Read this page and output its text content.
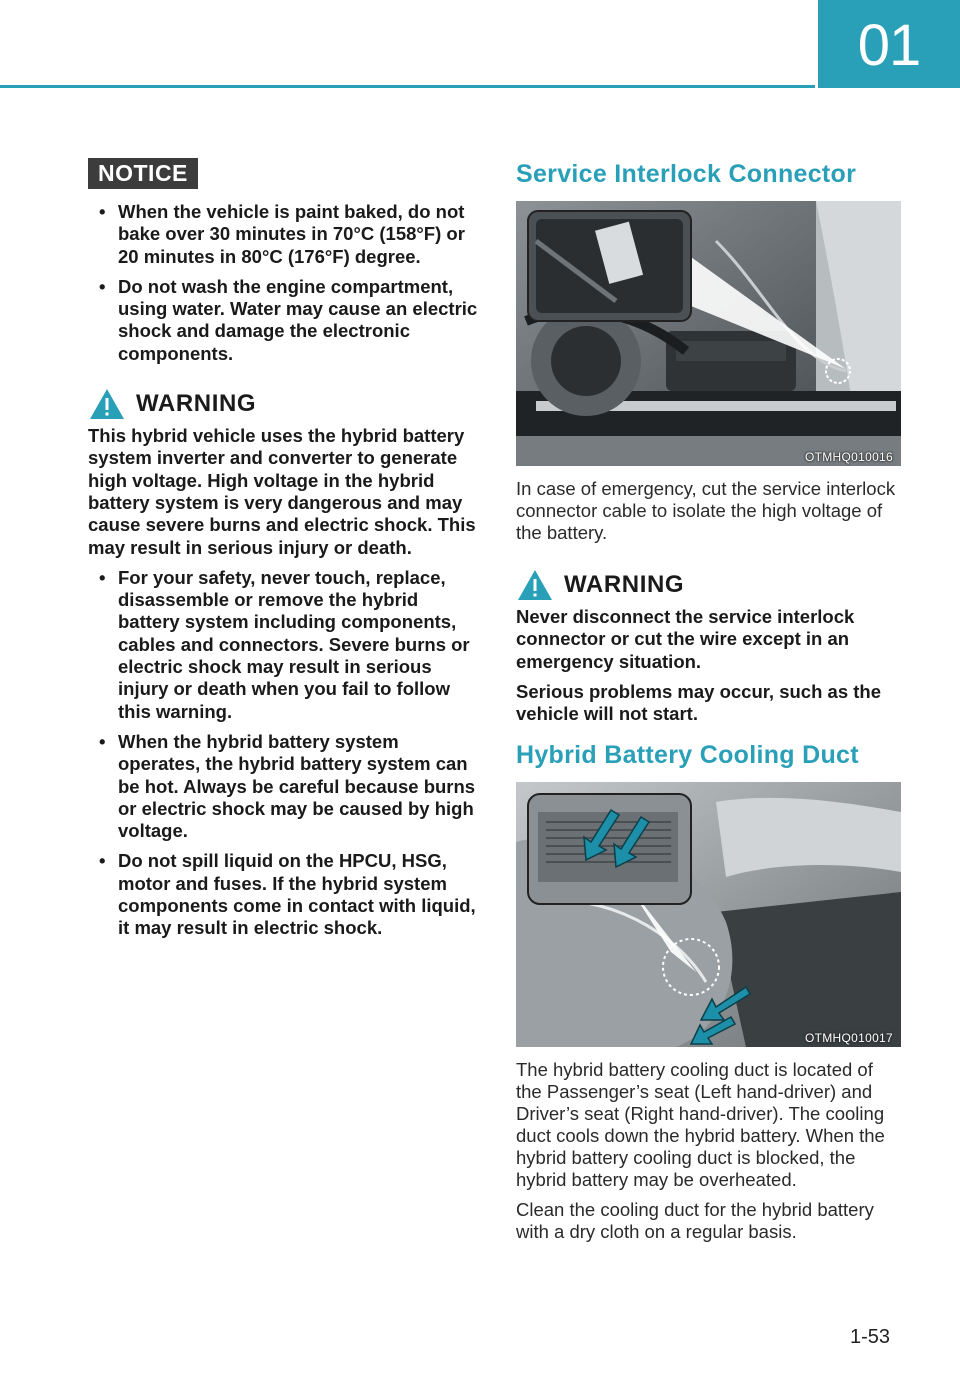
01
NOTICE
• When the vehicle is paint baked, do not bake over 30 minutes in 70°C (158°F) or 20 minutes in 80°C (176°F) degree.
• Do not wash the engine compartment, using water. Water may cause an electric shock and damage the electronic components.
WARNING

This hybrid vehicle uses the hybrid battery system inverter and converter to generate high voltage. High voltage in the hybrid battery system is very dangerous and may cause severe burns and electric shock. This may result in serious injury or death.

• For your safety, never touch, replace, disassemble or remove the hybrid battery system including components, cables and connectors. Severe burns or electric shock may result in serious injury or death when you fail to follow this warning.
• When the hybrid battery system operates, the hybrid battery system can be hot. Always be careful because burns or electric shock may be caused by high voltage.
• Do not spill liquid on the HPCU, HSG, motor and fuses. If the hybrid system components come in contact with liquid, it may result in electric shock.
Service Interlock Connector
OTMHQ010016

In case of emergency, cut the service interlock connector cable to isolate the high voltage of the battery.

WARNING

Never disconnect the service interlock connector or cut the wire except in an emergency situation.

Serious problems may occur, such as the vehicle will not start.

Hybrid Battery Cooling Duct
OTMHQ010017

The hybrid battery cooling duct is located of the Passenger’s seat (Left hand-driver) and Driver’s seat (Right hand-driver). The cooling duct cools down the hybrid battery. When the hybrid battery cooling duct is blocked, the hybrid battery may be overheated.

Clean the cooling duct for the hybrid battery with a dry cloth on a regular basis.

1-53
